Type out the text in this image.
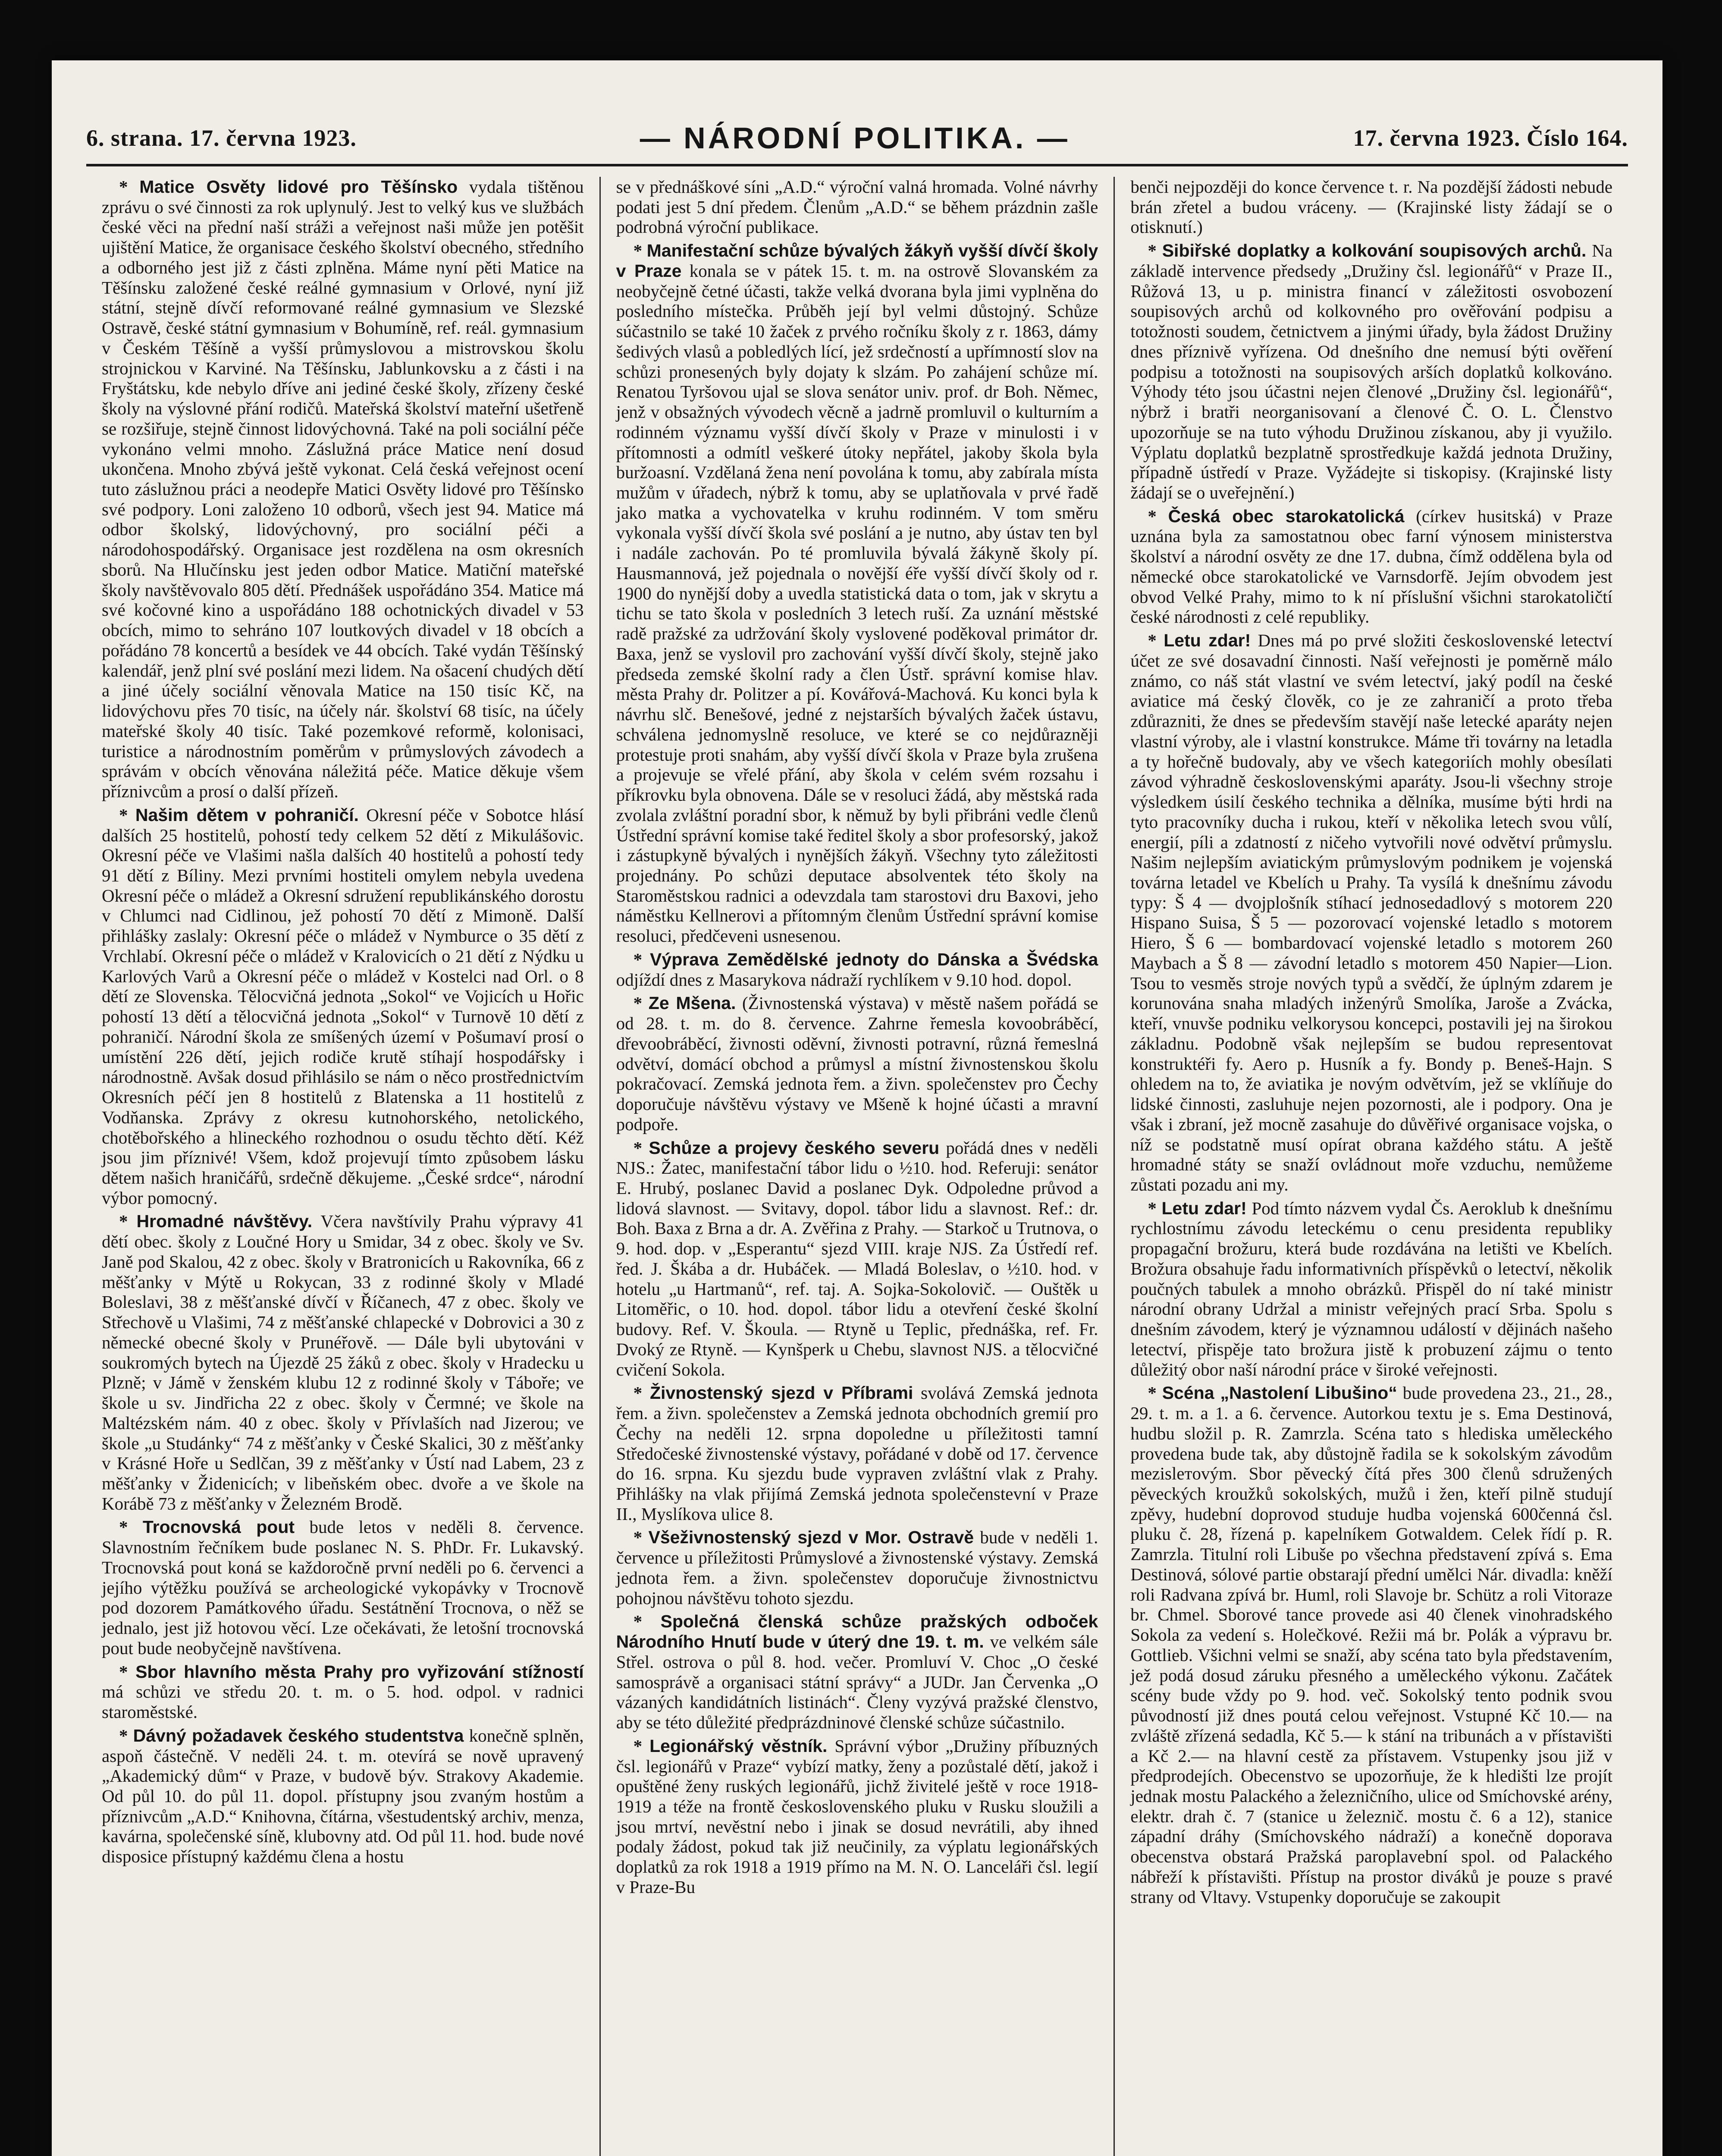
6. strana. 17. června 1923.	— NÁRODNÍ POLITIKA. —	17. června 1923. Číslo 164.

* Matice Osvěty lidové pro Těšínsko vydala tištěnou zprávu o své činnosti za rok uplynulý. Jest to velký kus ve službách české věci na přední naší stráži a veřejnost naši může jen potěšit ujištění Matice, že organisace českého školství obecného, středního a odborného jest již z části zplněna. Máme nyní pěti Matice na Těšínsku založené české reálné gymnasium v Orlové, nyní již státní, stejně dívčí reformované reálné gymnasium ve Slezské Ostravě, české státní gymnasium v Bohumíně, ref. reál. gymnasium v Českém Těšíně a vyšší průmyslovou a mistrovskou školu strojnickou v Karviné. Na Těšínsku, Jablunkovsku a z části i na Fryštátsku, kde nebylo dříve ani jediné české školy, zřízeny české školy na výslovné přání rodičů. Mateřská školství mateřní ušetřeně se rozšiřuje, stejně činnost lidovýchovná. Také na poli sociální péče vykonáno velmi mnoho. Záslužná práce Matice není dosud ukončena. Mnoho zbývá ještě vykonat. Celá česká veřejnost ocení tuto záslužnou práci a neodepře Matici Osvěty lidové pro Těšínsko své podpory. Loni založeno 10 odborů, všech jest 94. Matice má odbor školský, lidovýchovný, pro sociální péči a národohospodářský. Organisace jest rozdělena na osm okresních sborů. Na Hlučínsku jest jeden odbor Matice. Matiční mateřské školy navštěvovalo 805 dětí. Přednášek uspořádáno 354. Matice má své kočovné kino a uspořádáno 188 ochotnických divadel v 53 obcích, mimo to sehráno 107 loutkových divadel v 18 obcích a pořádáno 78 koncertů a besídek ve 44 obcích. Také vydán Těšínský kalendář, jenž plní své poslání mezi lidem. Na ošacení chudých dětí a jiné účely sociální věnovala Matice na 150 tisíc Kč, na lidovýchovu přes 70 tisíc, na účely nár. školství 68 tisíc, na účely mateřské školy 40 tisíc. Také pozemkové reformě, kolonisaci, turistice a národnostním poměrům v průmyslových závodech a správám v obcích věnována náležitá péče. Matice děkuje všem příznivcům a prosí o další přízeň.

* Našim dětem v pohraničí. Okresní péče v Sobotce hlásí dalších 25 hostitelů, pohostí tedy celkem 52 dětí z Mikulášovic. Okresní péče ve Vlašimi našla dalších 40 hostitelů a pohostí tedy 91 dětí z Bíliny. Mezi prvními hostiteli omylem nebyla uvedena Okresní péče o mládež a Okresní sdružení republikánského dorostu v Chlumci nad Cidlinou, jež pohostí 70 dětí z Mimoně. Další přihlášky zaslaly: Okresní péče o mládež v Nymburce o 35 dětí z Vrchlabí. Okresní péče o mládež v Kralovicích o 21 dětí z Nýdku u Karlových Varů a Okresní péče o mládež v Kostelci nad Orl. o 8 dětí ze Slovenska. Tělocvičná jednota „Sokol“ ve Vojicích u Hořic pohostí 13 dětí a tělocvičná jednota „Sokol“ v Turnově 10 dětí z pohraničí. Národní škola ze smíšených území v Pošumaví prosí o umístění 226 dětí, jejich rodiče krutě stíhají hospodářsky i národnostně. Avšak dosud přihlásilo se nám o něco prostřednictvím Okresních péčí jen 8 hostitelů z Blatenska a 11 hostitelů z Vodňanska. Zprávy z okresu kutnohorského, netolického, chotěbořského a hlineckého rozhodnou o osudu těchto dětí. Kéž jsou jim příznivé! Všem, kdož projevují tímto způsobem lásku dětem našich hraničářů, srdečně děkujeme. „České srdce“, národní výbor pomocný.

* Hromadné návštěvy. Včera navštívily Prahu výpravy 41 dětí obec. školy z Loučné Hory u Smidar, 34 z obec. školy ve Sv. Janě pod Skalou, 42 z obec. školy v Bratronicích u Rakovníka, 66 z měšťanky v Mýtě u Rokycan, 33 z rodinné školy v Mladé Boleslavi, 38 z měšťanské dívčí v Říčanech, 47 z obec. školy ve Střechově u Vlašimi, 74 z měšťanské chlapecké v Dobrovici a 30 z německé obecné školy v Prunéřově. — Dále byli ubytováni v soukromých bytech na Újezdě 25 žáků z obec. školy v Hradecku u Plzně; v Jámě v ženském klubu 12 z rodinné školy v Táboře; ve škole u sv. Jindřicha 22 z obec. školy v Čermné; ve škole na Maltézském nám. 40 z obec. školy v Přívlaších nad Jizerou; ve škole „u Studánky“ 74 z měšťanky v České Skalici, 30 z měšťanky v Krásné Hoře u Sedlčan, 39 z měšťanky v Ústí nad Labem, 23 z měšťanky v Židenicích; v libeňském obec. dvoře a ve škole na Korábě 73 z měšťanky v Železném Brodě.

* Trocnovská pout bude letos v neděli 8. července. Slavnostním řečníkem bude poslanec N. S. PhDr. Fr. Lukavský. Trocnovská pout koná se každoročně první neděli po 6. červenci a jejího výtěžku používá se archeologické vykopávky v Trocnově pod dozorem Památkového úřadu. Sestátnění Trocnova, o něž se jednalo, jest již hotovou věcí. Lze očekávati, že letošní trocnovská pout bude neobyčejně navštívena.

* Sbor hlavního města Prahy pro vyřizování stížností má schůzi ve středu 20. t. m. o 5. hod. odpol. v radnici staroměstské.

* Dávný požadavek českého studentstva konečně splněn, aspoň částečně. V neděli 24. t. m. otevírá se nově upravený „Akademický dům“ v Praze, v budově býv. Strakovy Akademie. Od půl 10. do půl 11. dopol. přístupny jsou zvaným hostům a příznivcům „A.D.“ Knihovna, čítárna, všestudentský archiv, menza, kavárna, společenské síně, klubovny atd. Od půl 11. hod. bude nové disposice přístupný každému člena a hostu

se v přednáškové síni „A.D.“ výroční valná hromada. Volné návrhy podati jest 5 dní předem. Členům „A.D.“ se během prázdnin zašle podrobná výroční publikace.

* Manifestační schůze bývalých žákyň vyšší dívčí školy v Praze konala se v pátek 15. t. m. na ostrově Slovanském za neobyčejně četné účasti, takže velká dvorana byla jimi vyplněna do posledního místečka. Průběh její byl velmi důstojný. Schůze súčastnilo se také 10 žaček z prvého ročníku školy z r. 1863, dámy šedivých vlasů a pobledlých lící, jež srdečností a upřímností slov na schůzi pronesených byly dojaty k slzám. Po zahájení schůze mí. Renatou Tyršovou ujal se slova senátor univ. prof. dr Boh. Němec, jenž v obsažných vývodech věcně a jadrně promluvil o kulturním a rodinném významu vyšší dívčí školy v Praze v minulosti i v přítomnosti a odmítl veškeré útoky nepřátel, jakoby škola byla buržoasní. Vzdělaná žena není povolána k tomu, aby zabírala místa mužům v úřadech, nýbrž k tomu, aby se uplatňovala v prvé řadě jako matka a vychovatelka v kruhu rodinném. V tom směru vykonala vyšší dívčí škola své poslání a je nutno, aby ústav ten byl i nadále zachován. Po té promluvila bývalá žákyně školy pí. Hausmannová, jež pojednala o novější éře vyšší dívčí školy od r. 1900 do nynější doby a uvedla statistická data o tom, jak v skrytu a tichu se tato škola v posledních 3 letech ruší. Za uznání městské radě pražské za udržování školy vyslovené poděkoval primátor dr. Baxa, jenž se vyslovil pro zachování vyšší dívčí školy, stejně jako předseda zemské školní rady a člen Ústř. správní komise hlav. města Prahy dr. Politzer a pí. Kovářová-Machová. Ku konci byla k návrhu slč. Benešové, jedné z nejstarších bývalých žaček ústavu, schválena jednomyslně resoluce, ve které se co nejdůrazněji protestuje proti snahám, aby vyšší dívčí škola v Praze byla zrušena a projevuje se vřelé přání, aby škola v celém svém rozsahu i příkrovku byla obnovena. Dále se v resoluci žádá, aby městská rada zvolala zvláštní poradní sbor, k němuž by byli přibráni vedle členů Ústřední správní komise také ředitel školy a sbor profesorský, jakož i zástupkyně bývalých i nynějších žákyň. Všechny tyto záležitosti projednány. Po schůzi deputace absolventek této školy na Staroměstskou radnici a odevzdala tam starostovi dru Baxovi, jeho náměstku Kellnerovi a přítomným členům Ústřední správní komise resoluci, předčeveni usnesenou.

* Výprava Zemědělské jednoty do Dánska a Švédska odjíždí dnes z Masarykova nádraží rychlíkem v 9.10 hod. dopol.

* Ze Mšena. (Živnostenská výstava) v městě našem pořádá se od 28. t. m. do 8. července. Zahrne řemesla kovoobráběcí, dřevoobráběcí, živnosti oděvní, živnosti potravní, různá řemeslná odvětví, domácí obchod a průmysl a místní živnostenskou školu pokračovací. Zemská jednota řem. a živn. společenstev pro Čechy doporučuje návštěvu výstavy ve Mšeně k hojné účasti a mravní podpoře.

* Schůze a projevy českého severu pořádá dnes v neděli NJS.: Žatec, manifestační tábor lidu o ½10. hod. Referuji: senátor E. Hrubý, poslanec David a poslanec Dyk. Odpoledne průvod a lidová slavnost. — Svitavy, dopol. tábor lidu a slavnost. Ref.: dr. Boh. Baxa z Brna a dr. A. Zvěřina z Prahy. — Starkoč u Trutnova, o 9. hod. dop. v „Esperantu“ sjezd VIII. kraje NJS. Za Ústředí ref. řed. J. Škába a dr. Hubáček. — Mladá Boleslav, o ½10. hod. v hotelu „u Hartmanů“, ref. taj. A. Sojka-Sokolovič. — Ouštěk u Litoměřic, o 10. hod. dopol. tábor lidu a otevření české školní budovy. Ref. V. Škoula. — Rtyně u Teplic, přednáška, ref. Fr. Dvoký ze Rtyně. — Kynšperk u Chebu, slavnost NJS. a tělocvičné cvičení Sokola.

* Živnostenský sjezd v Příbrami svolává Zemská jednota řem. a živn. společenstev a Zemská jednota obchodních gremií pro Čechy na neděli 12. srpna dopoledne u příležitosti tamní Středočeské živnostenské výstavy, pořádané v době od 17. července do 16. srpna. Ku sjezdu bude vypraven zvláštní vlak z Prahy. Přihlášky na vlak přijímá Zemská jednota společenstevní v Praze II., Myslíkova ulice 8.

* Všeživnostenský sjezd v Mor. Ostravě bude v neděli 1. července u příležitosti Průmyslové a živnostenské výstavy. Zemská jednota řem. a živn. společenstev doporučuje živnostnictvu pohojnou návštěvu tohoto sjezdu.

* Společná členská schůze pražských odboček Národního Hnutí bude v úterý dne 19. t. m. ve velkém sále Střel. ostrova o půl 8. hod. večer. Promluví V. Choc „O české samosprávě a organisaci státní správy“ a JUDr. Jan Červenka „O vázaných kandidátních listinách“. Členy vyzývá pražské členstvo, aby se této důležité předprázdninové členské schůze súčastnilo.

* Legionářský věstník. Správní výbor „Družiny příbuzných čsl. legionářů v Praze“ vybízí matky, ženy a pozůstalé dětí, jakož i opuštěné ženy ruských legionářů, jichž živitelé ještě v roce 1918-1919 a téže na frontě československého pluku v Rusku sloužili a jsou mrtví, nevěstní nebo i jinak se dosud nevrátili, aby ihned podaly žádost, pokud tak již neučinily, za výplatu legionářských doplatků za rok 1918 a 1919 přímo na M. N. O. Lanceláři čsl. legií v Praze-Bu

benči nejpozději do konce července t. r. Na pozdější žádosti nebude brán zřetel a budou vráceny. — (Krajinské listy žádají se o otisknutí.)

* Sibiřské doplatky a kolkování soupisových archů. Na základě intervence předsedy „Družiny čsl. legionářů“ v Praze II., Růžová 13, u p. ministra financí v záležitosti osvobození soupisových archů od kolkovného pro ověřování podpisu a totožnosti soudem, četnictvem a jinými úřady, byla žádost Družiny dnes příznivě vyřízena. Od dnešního dne nemusí býti ověření podpisu a totožnosti na soupisových arších doplatků kolkováno. Výhody této jsou účastni nejen členové „Družiny čsl. legionářů“, nýbrž i bratři neorganisovaní a členové Č. O. L. Členstvo upozorňuje se na tuto výhodu Družinou získanou, aby ji využilo. Výplatu doplatků bezplatně sprostředkuje každá jednota Družiny, případně ústředí v Praze. Vyžádejte si tiskopisy. (Krajinské listy žádají se o uveřejnění.)

* Česká obec starokatolická (církev husitská) v Praze uznána byla za samostatnou obec farní výnosem ministerstva školství a národní osvěty ze dne 17. dubna, čímž oddělena byla od německé obce starokatolické ve Varnsdorfě. Jejím obvodem jest obvod Velké Prahy, mimo to k ní příslušní všichni starokatoličtí české národnosti z celé republiky.

* Letu zdar! Dnes má po prvé složiti československé letectví účet ze své dosavadní činnosti. Naší veřejnosti je poměrně málo známo, co náš stát vlastní ve svém letectví, jaký podíl na české aviatice má český člověk, co je ze zahraničí a proto třeba zdůrazniti, že dnes se především stavějí naše letecké aparáty nejen vlastní výroby, ale i vlastní konstrukce. Máme tři továrny na letadla a ty hořečně budovaly, aby ve všech kategoriích mohly obesílati závod výhradně československými aparáty. Jsou-li všechny stroje výsledkem úsilí českého technika a dělníka, musíme býti hrdi na tyto pracovníky ducha i rukou, kteří v několika letech svou vůlí, energií, píli a zdatností z ničeho vytvořili nové odvětví průmyslu. Našim nejlepším aviatickým průmyslovým podnikem je vojenská továrna letadel ve Kbelích u Prahy. Ta vysílá k dnešnímu závodu typy: Š 4 — dvojplošník stíhací jednosedadlový s motorem 220 Hispano Suisa, Š 5 — pozorovací vojenské letadlo s motorem Hiero, Š 6 — bombardovací vojenské letadlo s motorem 260 Maybach a Š 8 — závodní letadlo s motorem 450 Napier—Lion. Tsou to vesměs stroje nových typů a svědčí, že úplným zdarem je korunována snaha mladých inženýrů Smolíka, Jaroše a Zvácka, kteří, vnuvše podniku velkorysou koncepci, postavili jej na širokou základnu. Podobně však nejlepším se budou representovat konstruktéři fy. Aero p. Husník a fy. Bondy p. Beneš-Hajn. S ohledem na to, že aviatika je novým odvětvím, jež se vklíňuje do lidské činnosti, zasluhuje nejen pozornosti, ale i podpory. Ona je však i zbraní, jež mocně zasahuje do důvěřivé organisace vojska, o níž se podstatně musí opírat obrana každého státu. A ještě hromadné státy se snaží ovládnout moře vzduchu, nemůžeme zůstati pozadu ani my.

* Letu zdar! Pod tímto názvem vydal Čs. Aeroklub k dnešnímu rychlostnímu závodu leteckému o cenu presidenta republiky propagační brožuru, která bude rozdávána na letišti ve Kbelích. Brožura obsahuje řadu informativních příspěvků o letectví, několik poučných tabulek a mnoho obrázků. Přispěl do ní také ministr národní obrany Udržal a ministr veřejných prací Srba. Spolu s dnešním závodem, který je významnou událostí v dějinách našeho letectví, přispěje tato brožura jistě k probuzení zájmu o tento důležitý obor naší národní práce v široké veřejnosti.

* Scéna „Nastolení Libušino“ bude provedena 23., 21., 28., 29. t. m. a 1. a 6. července. Autorkou textu je s. Ema Destinová, hudbu složil p. R. Zamrzla. Scéna tato s hlediska uměleckého provedena bude tak, aby důstojně řadila se k sokolským závodům mezislетovým. Sbor pěvecký čítá přes 300 členů sdružených pěveckých kroužků sokolských, mužů i žen, kteří pilně studují zpěvy, hudební doprovod studuje hudba vojenská 600čenná čsl. pluku č. 28, řízená p. kapelníkem Gotwaldem. Celek řídí p. R. Zamrzla. Titulní roli Libuše po všechna představení zpívá s. Ema Destinová, sólové partie obstarají přední umělci Nár. divadla: kněží roli Radvana zpívá br. Huml, roli Slavoje br. Schütz a roli Vitoraze br. Chmel. Sborové tance provede asi 40 členek vinohradského Sokola za vedení s. Holečkové. Režii má br. Polák a výpravu br. Gottlieb. Všichni velmi se snaží, aby scéna tato byla představením, jež podá dosud záruku přesného a uměleckého výkonu. Začátek scény bude vždy po 9. hod. več. Sokolský tento podnik svou původností již dnes poutá celou veřejnost. Vstupné Kč 10.— na zvláště zřízená sedadla, Kč 5.— k stání na tribunách a v přístavišti a Kč 2.— na hlavní cestě za přístavem. Vstupenky jsou již v předprodejích. Obecenstvo se upozorňuje, že k hledišti lze projít jednak mostu Palackého a železničního, ulice od Smíchovské arény, elektr. drah č. 7 (stanice u železnič. mostu č. 6 a 12), stanice západní dráhy (Smíchovského nádraží) a konečně doporava obecenstva obstará Pražská paroplavební spol. od Palackého nábřeží k přístavišti. Přístup na prostor diváků je pouze s pravé strany od Vltavy. Vstupenky doporučuje se zakoupit
